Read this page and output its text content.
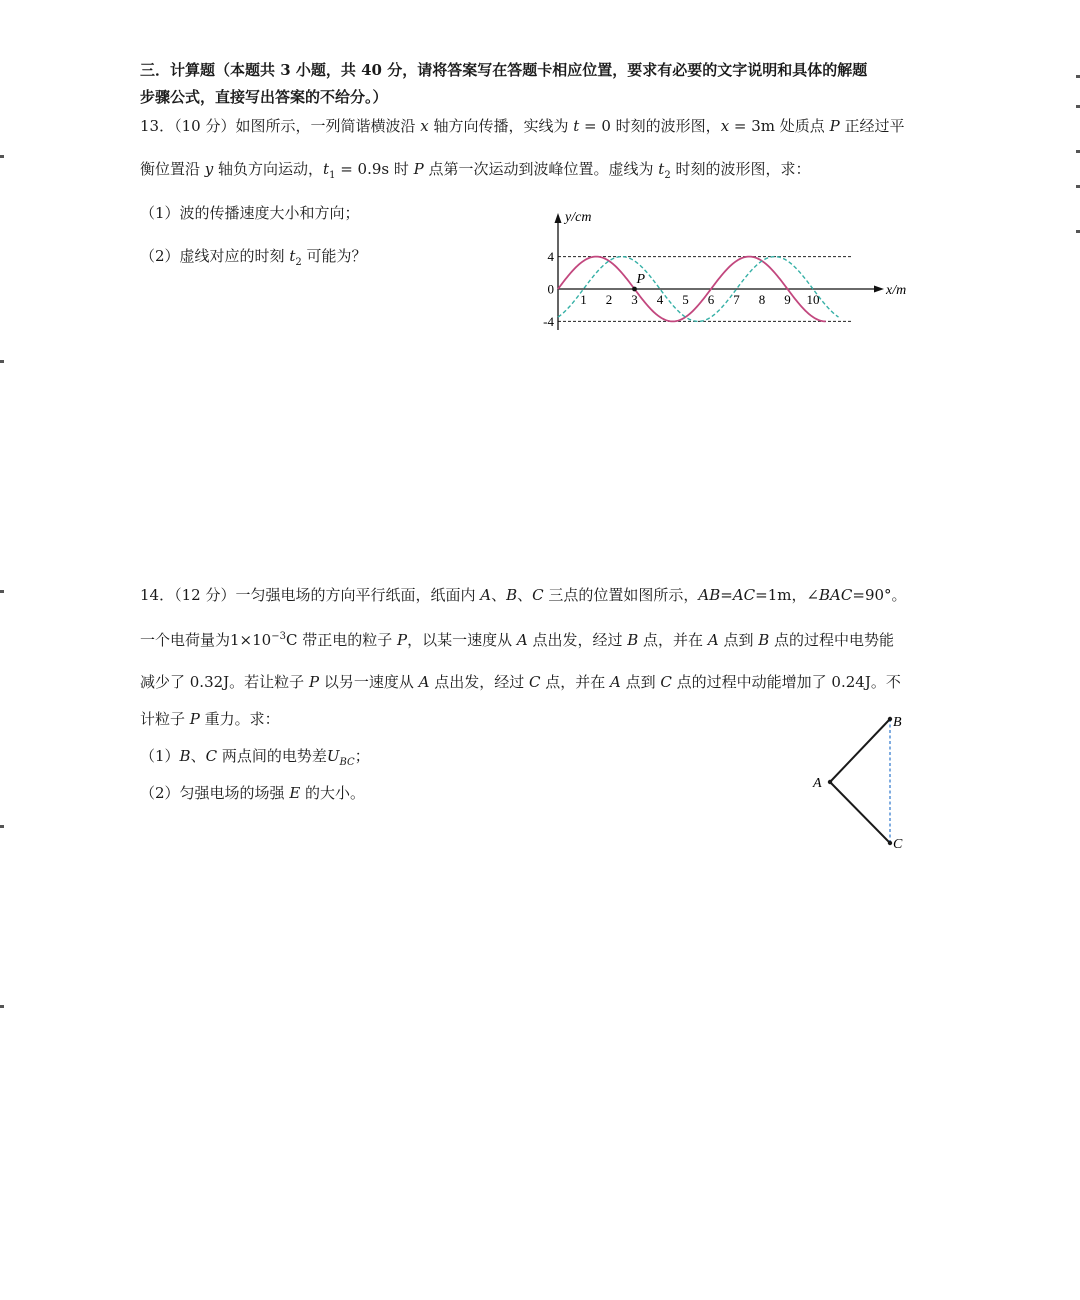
三．计算题（本题共 3 小题，共 40 分，请将答案写在答题卡相应位置，要求有必要的文字说明和具体的解题
步骤公式，直接写出答案的不给分。）
13．（10 分）如图所示，一列简谐横波沿 x 轴方向传播，实线为 t = 0 时刻的波形图，x = 3m 处质点 P 正经过平
衡位置沿 y 轴负方向运动，$t_1 = 0.9s$ 时 P 点第一次运动到波峰位置。虚线为 $t_2$ 时刻的波形图，求：
（1）波的传播速度大小和方向；
（2）虚线对应的时刻 $t_2$ 可能为？
P
1 2 3 4 5 6 7 8 9 10
4
0
-4
y/cm
x/m
14．（12 分）一匀强电场的方向平行纸面，纸面内 A、B、C 三点的位置如图所示，AB=AC=1m，∠BAC=90°。
一个电荷量为$1\times 10^{-3}C$ 带正电的粒子 P，以某一速度从 A 点出发，经过 B 点，并在 A 点到 B 点的过程中电势能
减少了 0.32J。若让粒子 P 以另一速度从 A 点出发，经过 C 点，并在 A 点到 C 点的过程中动能增加了 0.24J。不
计粒子 P 重力。求：
（1）B、C 两点间的电势差$U_{BC}$；
（2）匀强电场的场强 E 的大小。
A
B
C
